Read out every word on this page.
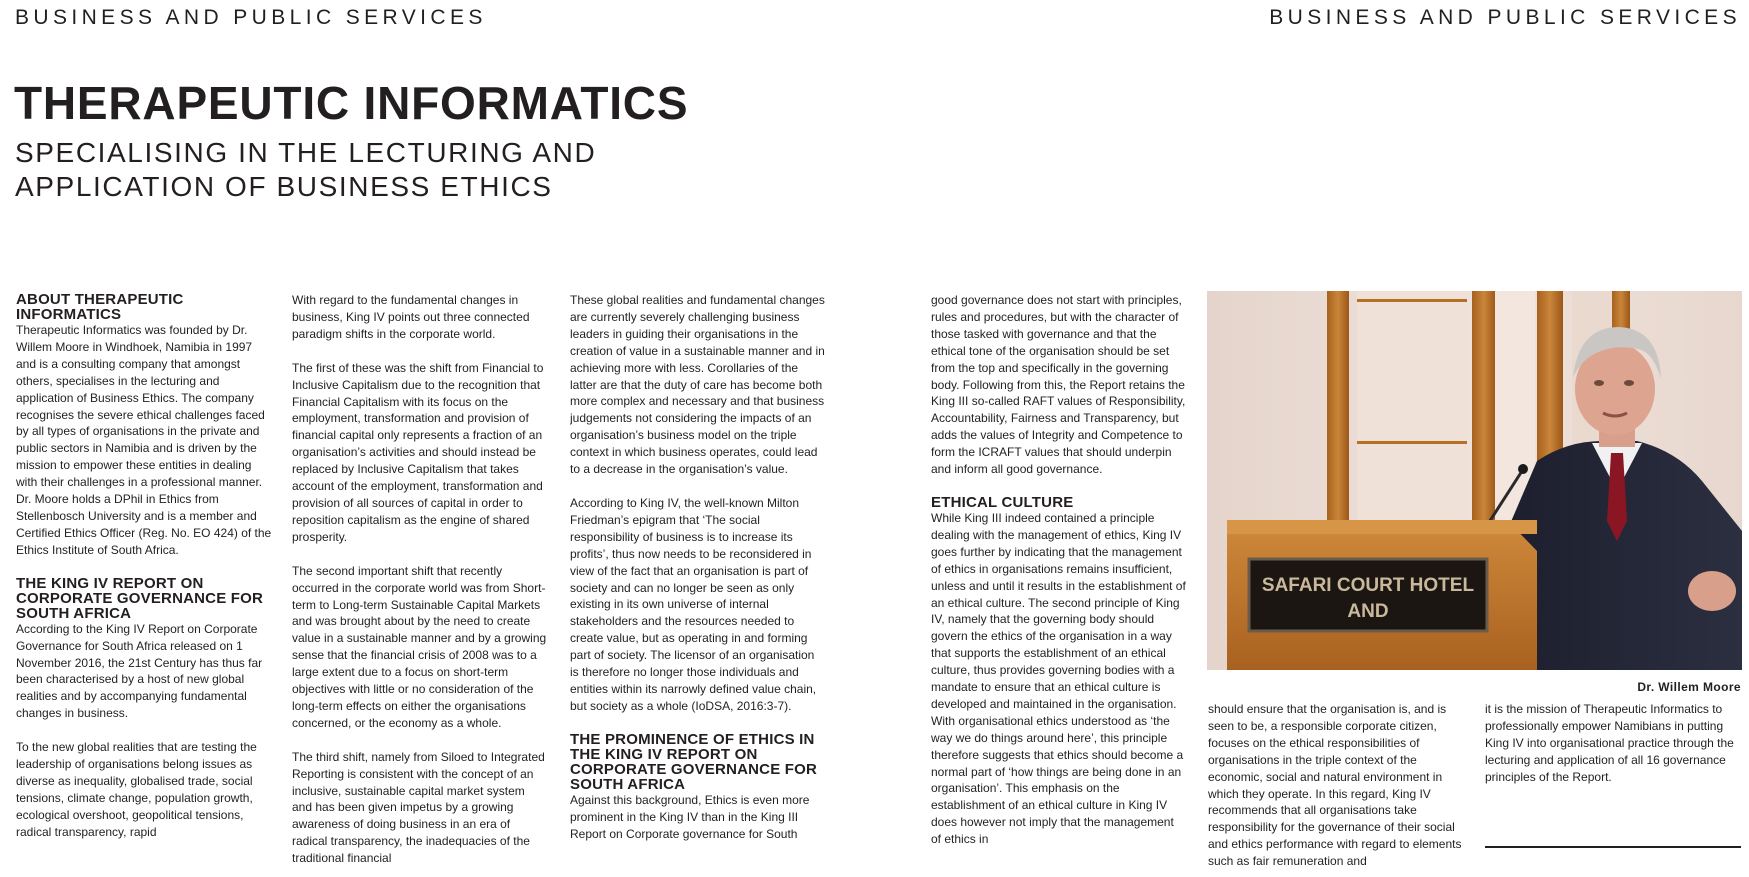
BUSINESS AND PUBLIC SERVICES	BUSINESS AND PUBLIC SERVICES
THERAPEUTIC INFORMATICS
SPECIALISING IN THE LECTURING AND
APPLICATION OF BUSINESS ETHICS
ABOUT THERAPEUTIC INFORMATICS

Therapeutic Informatics was founded by Dr. Willem Moore in Windhoek, Namibia in 1997 and is a consulting company that amongst others, specialises in the lecturing and application of Business Ethics. The company recognises the severe ethical challenges faced by all types of organisations in the private and public sectors in Namibia and is driven by the mission to empower these entities in dealing with their challenges in a professional manner. Dr. Moore holds a DPhil in Ethics from Stellenbosch University and is a member and Certified Ethics Officer (Reg. No. EO 424) of the Ethics Institute of South Africa.

THE KING IV REPORT ON CORPORATE GOVERNANCE FOR SOUTH AFRICA

According to the King IV Report on Corporate Governance for South Africa released on 1 November 2016, the 21st Century has thus far been characterised by a host of new global realities and by accompanying fundamental changes in business.

To the new global realities that are testing the leadership of organisations belong issues as diverse as inequality, globalised trade, social tensions, climate change, population growth, ecological overshoot, geopolitical tensions, radical transparency, rapid

With regard to the fundamental changes in business, King IV points out three connected paradigm shifts in the corporate world.

The first of these was the shift from Financial to Inclusive Capitalism due to the recognition that Financial Capitalism with its focus on the employment, transformation and provision of financial capital only represents a fraction of an organisation’s activities and should instead be replaced by Inclusive Capitalism that takes account of the employment, transformation and provision of all sources of capital in order to reposition capitalism as the engine of shared prosperity.

The second important shift that recently occurred in the corporate world was from Short-term to Long-term Sustainable Capital Markets and was brought about by the need to create value in a sustainable manner and by a growing sense that the financial crisis of 2008 was to a large extent due to a focus on short-term objectives with little or no consideration of the long-term effects on either the organisations concerned, or the economy as a whole.

The third shift, namely from Siloed to Integrated Reporting is consistent with the concept of an inclusive, sustainable capital market system and has been given impetus by a growing awareness of doing business in an era of radical transparency, the inadequacies of the traditional financial

These global realities and fundamental changes are currently severely challenging business leaders in guiding their organisations in the creation of value in a sustainable manner and in achieving more with less. Corollaries of the latter are that the duty of care has become both more complex and necessary and that business judgements not considering the impacts of an organisation’s business model on the triple context in which business operates, could lead to a decrease in the organisation’s value.

According to King IV, the well-known Milton Friedman’s epigram that ‘The social responsibility of business is to increase its profits’, thus now needs to be reconsidered in view of the fact that an organisation is part of society and can no longer be seen as only existing in its own universe of internal stakeholders and the resources needed to create value, but as operating in and forming part of society. The licensor of an organisation is therefore no longer those individuals and entities within its narrowly defined value chain, but society as a whole (IoDSA, 2016:3-7).

THE PROMINENCE OF ETHICS IN THE KING IV REPORT ON CORPORATE GOVERNANCE FOR SOUTH AFRICA

Against this background, Ethics is even more prominent in the King IV than in the King III Report on Corporate governance for South

good governance does not start with principles, rules and procedures, but with the character of those tasked with governance and that the ethical tone of the organisation should be set from the top and specifically in the governing body. Following from this, the Report retains the King III so-called RAFT values of Responsibility, Accountability, Fairness and Transparency, but adds the values of Integrity and Competence to form the ICRAFT values that should underpin and inform all good governance.

ETHICAL CULTURE

While King III indeed contained a principle dealing with the management of ethics, King IV goes further by indicating that the management of ethics in organisations remains insufficient, unless and until it results in the establishment of an ethical culture. The second principle of King IV, namely that the governing body should govern the ethics of the organisation in a way that supports the establishment of an ethical culture, thus provides governing bodies with a mandate to ensure that an ethical culture is developed and maintained in the organisation. With organisational ethics understood as ‘the way we do things around here’, this principle therefore suggests that ethics should become a normal part of ‘how things are being done in an organisation’. This emphasis on the establishment of an ethical culture in King IV does however not imply that the management of ethics in

SAFARI COURT HOTEL
AND
Dr. Willem Moore

should ensure that the organisation is, and is seen to be, a responsible corporate citizen, focuses on the ethical responsibilities of organisations in the triple context of the economic, social and natural environment in which they operate. In this regard, King IV recommends that all organisations take responsibility for the governance of their social and ethics performance with regard to elements such as fair remuneration and

it is the mission of Therapeutic Informatics to professionally empower Namibians in putting King IV into organisational practice through the lecturing and application of all 16 governance principles of the Report.
